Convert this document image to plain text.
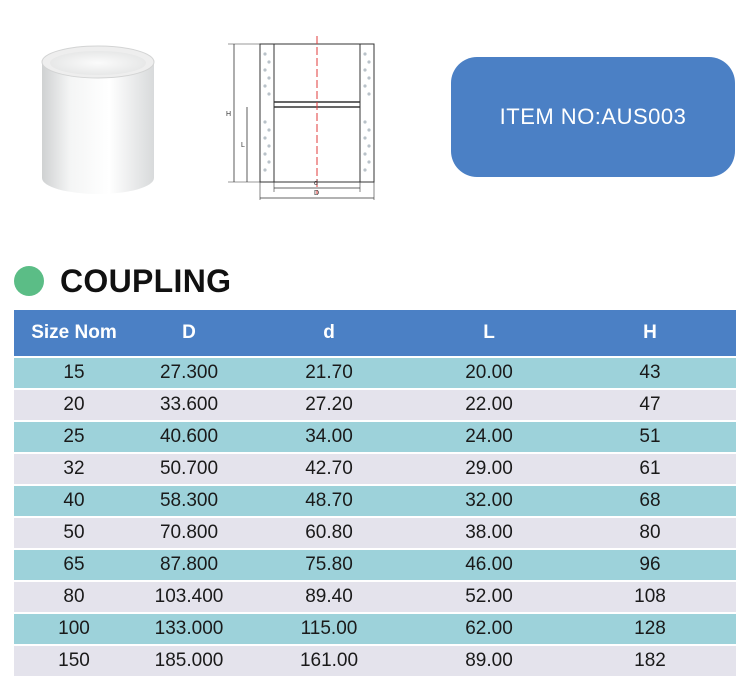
H
L
d
D
ITEM NO:AUS003
COUPLING
Size Nom	D	d	L	H
15	27.300	21.70	20.00	43
20	33.600	27.20	22.00	47
25	40.600	34.00	24.00	51
32	50.700	42.70	29.00	61
40	58.300	48.70	32.00	68
50	70.800	60.80	38.00	80
65	87.800	75.80	46.00	96
80	103.400	89.40	52.00	108
100	133.000	115.00	62.00	128
150	185.000	161.00	89.00	182
